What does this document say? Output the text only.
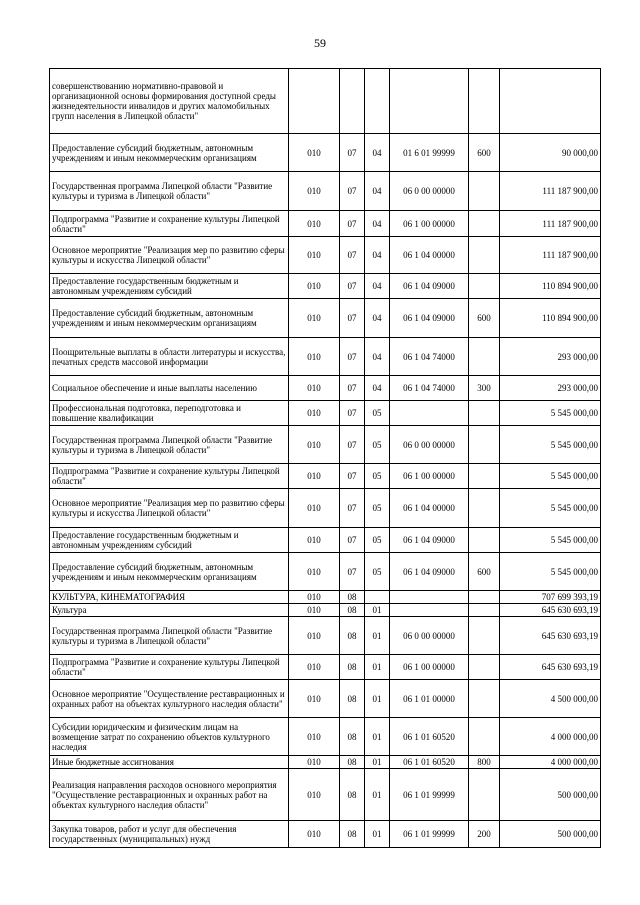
59
совершенствованию нормативно-правовой и организационной основы формирования доступной среды жизнедеятельности инвалидов и других маломобильных групп населения в Липецкой области"						
Предоставление субсидий бюджетным, автономным учреждениям и иным некоммерческим организациям	010	07	04	01 6 01 99999	600	90 000,00
Государственная программа Липецкой области "Развитие культуры и туризма в Липецкой области"	010	07	04	06 0 00 00000		111 187 900,00
Подпрограмма "Развитие и сохранение культуры Липецкой области"	010	07	04	06 1 00 00000		111 187 900,00
Основное мероприятие "Реализация мер по развитию сферы культуры и искусства Липецкой области"	010	07	04	06 1 04 00000		111 187 900,00
Предоставление государственным бюджетным и автономным учреждениям субсидий	010	07	04	06 1 04 09000		110 894 900,00
Предоставление субсидий бюджетным, автономным учреждениям и иным некоммерческим организациям	010	07	04	06 1 04 09000	600	110 894 900,00
Поощрительные выплаты в области литературы и искусства, печатных средств массовой информации	010	07	04	06 1 04 74000		293 000,00
Социальное обеспечение и иные выплаты населению	010	07	04	06 1 04 74000	300	293 000,00
Профессиональная подготовка, переподготовка и повышение квалификации	010	07	05			5 545 000,00
Государственная программа Липецкой области "Развитие культуры и туризма в Липецкой области"	010	07	05	06 0 00 00000		5 545 000,00
Подпрограмма "Развитие и сохранение культуры Липецкой области"	010	07	05	06 1 00 00000		5 545 000,00
Основное мероприятие "Реализация мер по развитию сферы культуры и искусства Липецкой области"	010	07	05	06 1 04 00000		5 545 000,00
Предоставление государственным бюджетным и автономным учреждениям субсидий	010	07	05	06 1 04 09000		5 545 000,00
Предоставление субсидий бюджетным, автономным учреждениям и иным некоммерческим организациям	010	07	05	06 1 04 09000	600	5 545 000,00
КУЛЬТУРА, КИНЕМАТОГРАФИЯ	010	08				707 699 393,19
Культура	010	08	01			645 630 693,19
Государственная программа Липецкой области "Развитие культуры и туризма в Липецкой области"	010	08	01	06 0 00 00000		645 630 693,19
Подпрограмма "Развитие и сохранение культуры Липецкой области"	010	08	01	06 1 00 00000		645 630 693,19
Основное мероприятие "Осуществление реставрационных и охранных работ на объектах культурного наследия области"	010	08	01	06 1 01 00000		4 500 000,00
Субсидии юридическим и физическим лицам на возмещение затрат по сохранению объектов культурного наследия	010	08	01	06 1 01 60520		4 000 000,00
Иные бюджетные ассигнования	010	08	01	06 1 01 60520	800	4 000 000,00
Реализация направления расходов основного мероприятия "Осуществление реставрационных и охранных работ на объектах культурного наследия области"	010	08	01	06 1 01 99999		500 000,00
Закупка товаров, работ и услуг для обеспечения государственных (муниципальных) нужд	010	08	01	06 1 01 99999	200	500 000,00
